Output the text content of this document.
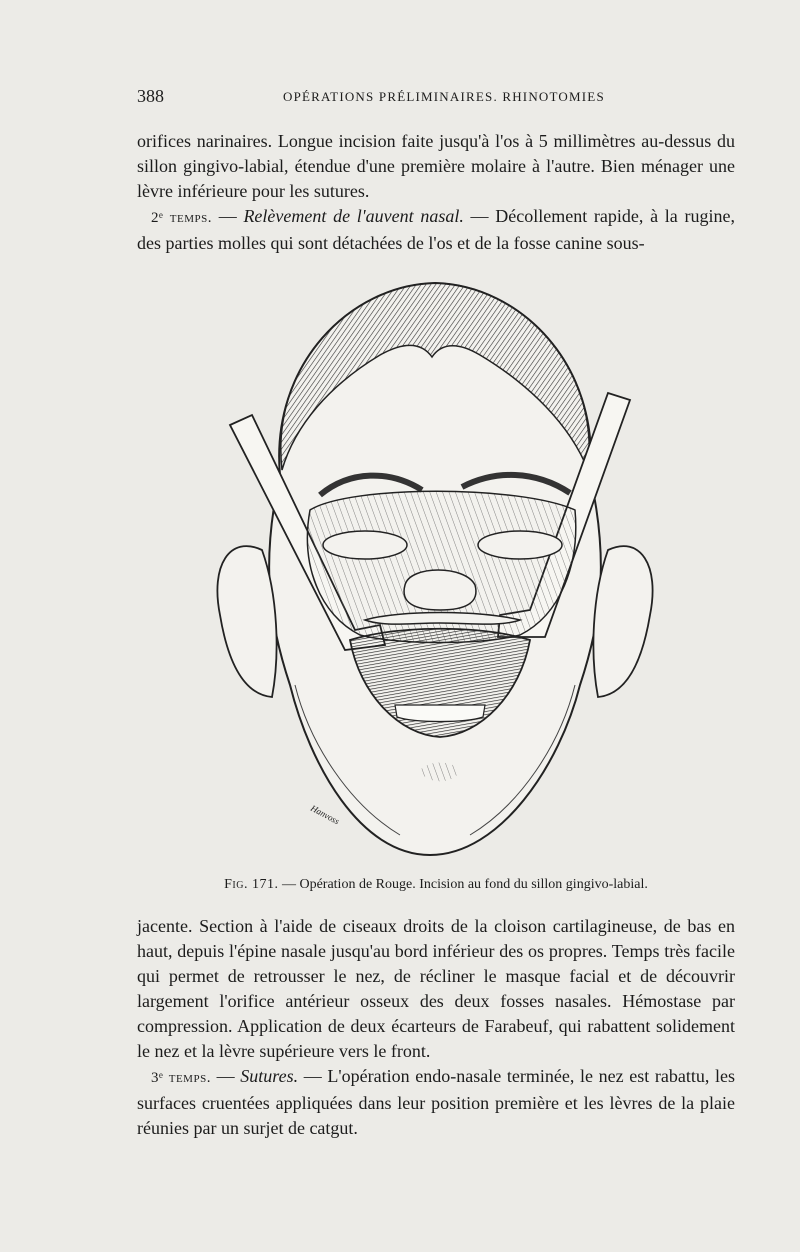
388	OPÉRATIONS PRÉLIMINAIRES. RHINOTOMIES

orifices narinaires. Longue incision faite jusqu'à l'os à 5 millimètres au-dessus du sillon gingivo-labial, étendue d'une première molaire à l'autre. Bien ménager une lèvre inférieure pour les sutures.

2ᵉ temps. — Relèvement de l'auvent nasal. — Décollement rapide, à la rugine, des parties molles qui sont détachées de l'os et de la fosse canine sous-

Hanvoss
Fig. 171. — Opération de Rouge. Incision au fond du sillon gingivo-labial.

jacente. Section à l'aide de ciseaux droits de la cloison cartilagineuse, de bas en haut, depuis l'épine nasale jusqu'au bord inférieur des os propres. Temps très facile qui permet de retrousser le nez, de récliner le masque facial et de découvrir largement l'orifice antérieur osseux des deux fosses nasales. Hémostase par compression. Application de deux écarteurs de Farabeuf, qui rabattent solidement le nez et la lèvre supérieure vers le front.

3ᵉ temps. — Sutures. — L'opération endo-nasale terminée, le nez est rabattu, les surfaces cruentées appliquées dans leur position première et les lèvres de la plaie réunies par un surjet de catgut.
